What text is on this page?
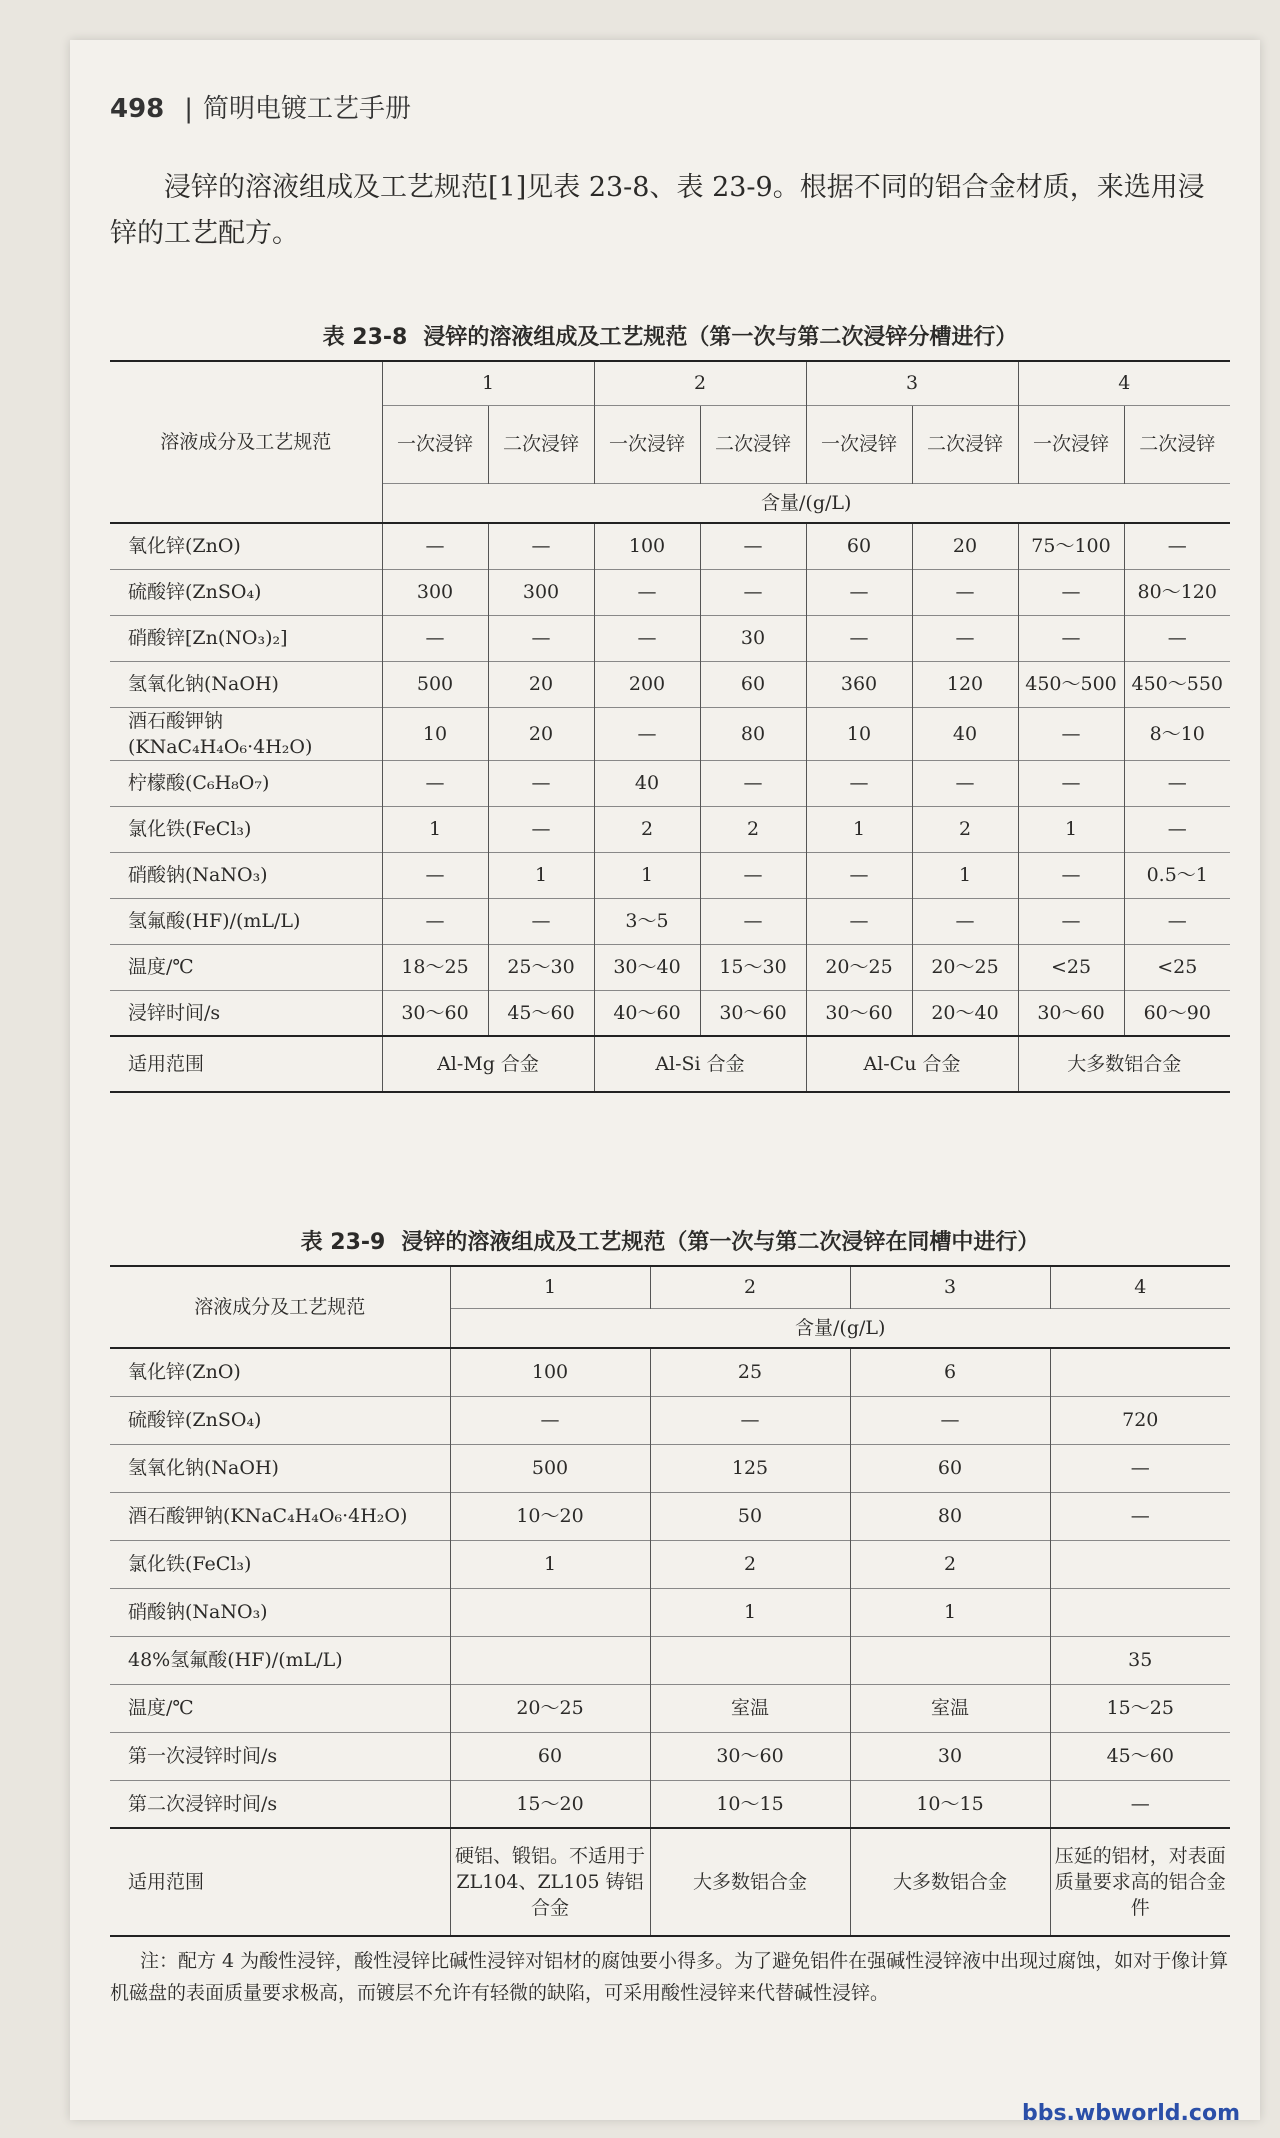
498 | 简明电镀工艺手册

浸锌的溶液组成及工艺规范[1]见表 23-8、表 23-9。根据不同的铝合金材质，来选用浸锌的工艺配方。

表 23-8 浸锌的溶液组成及工艺规范（第一次与第二次浸锌分槽进行）
溶液成分及工艺规范	1		2		3		4	
	一次浸锌	二次浸锌	一次浸锌	二次浸锌	一次浸锌	二次浸锌	一次浸锌	二次浸锌
	含量/(g/L)							
氧化锌(ZnO)	—	—	100	—	60	20	75～100	—
硫酸锌(ZnSO₄)	300	300	—	—	—	—	—	80～120
硝酸锌[Zn(NO₃)₂]	—	—	—	30	—	—	—	—
氢氧化钠(NaOH)	500	20	200	60	360	120	450～500	450～550
酒石酸钾钠(KNaC₄H₄O₆·4H₂O)	10	20	—	80	10	40	—	8～10
柠檬酸(C₆H₈O₇)	—	—	40	—	—	—	—	—
氯化铁(FeCl₃)	1	—	2	2	1	2	1	—
硝酸钠(NaNO₃)	—	1	1	—	—	1	—	0.5～1
氢氟酸(HF)/(mL/L)	—	—	3～5	—	—	—	—	—
温度/℃	18～25	25～30	30～40	15～30	20～25	20～25	<25	<25
浸锌时间/s	30～60	45～60	40～60	30～60	30～60	20～40	30～60	60～90
适用范围	Al-Mg 合金		Al-Si 合金		Al-Cu 合金		大多数铝合金	
表 23-9 浸锌的溶液组成及工艺规范（第一次与第二次浸锌在同槽中进行）
溶液成分及工艺规范	1	2	3	4
	含量/(g/L)			
氧化锌(ZnO)	100	25	6	
硫酸锌(ZnSO₄)	—	—	—	720
氢氧化钠(NaOH)	500	125	60	—
酒石酸钾钠(KNaC₄H₄O₆·4H₂O)	10～20	50	80	—
氯化铁(FeCl₃)	1	2	2	
硝酸钠(NaNO₃)		1	1	
48%氢氟酸(HF)/(mL/L)				35
温度/℃	20～25	室温	室温	15～25
第一次浸锌时间/s	60	30～60	30	45～60
第二次浸锌时间/s	15～20	10～15	10～15	—
适用范围	硬铝、锻铝。不适用于 ZL104、ZL105 铸铝合金	大多数铝合金	大多数铝合金	压延的铝材，对表面质量要求高的铝合金件

注：配方 4 为酸性浸锌，酸性浸锌比碱性浸锌对铝材的腐蚀要小得多。为了避免铝件在强碱性浸锌液中出现过腐蚀，如对于像计算机磁盘的表面质量要求极高，而镀层不允许有轻微的缺陷，可采用酸性浸锌来代替碱性浸锌。

bbs.wbworld.com
